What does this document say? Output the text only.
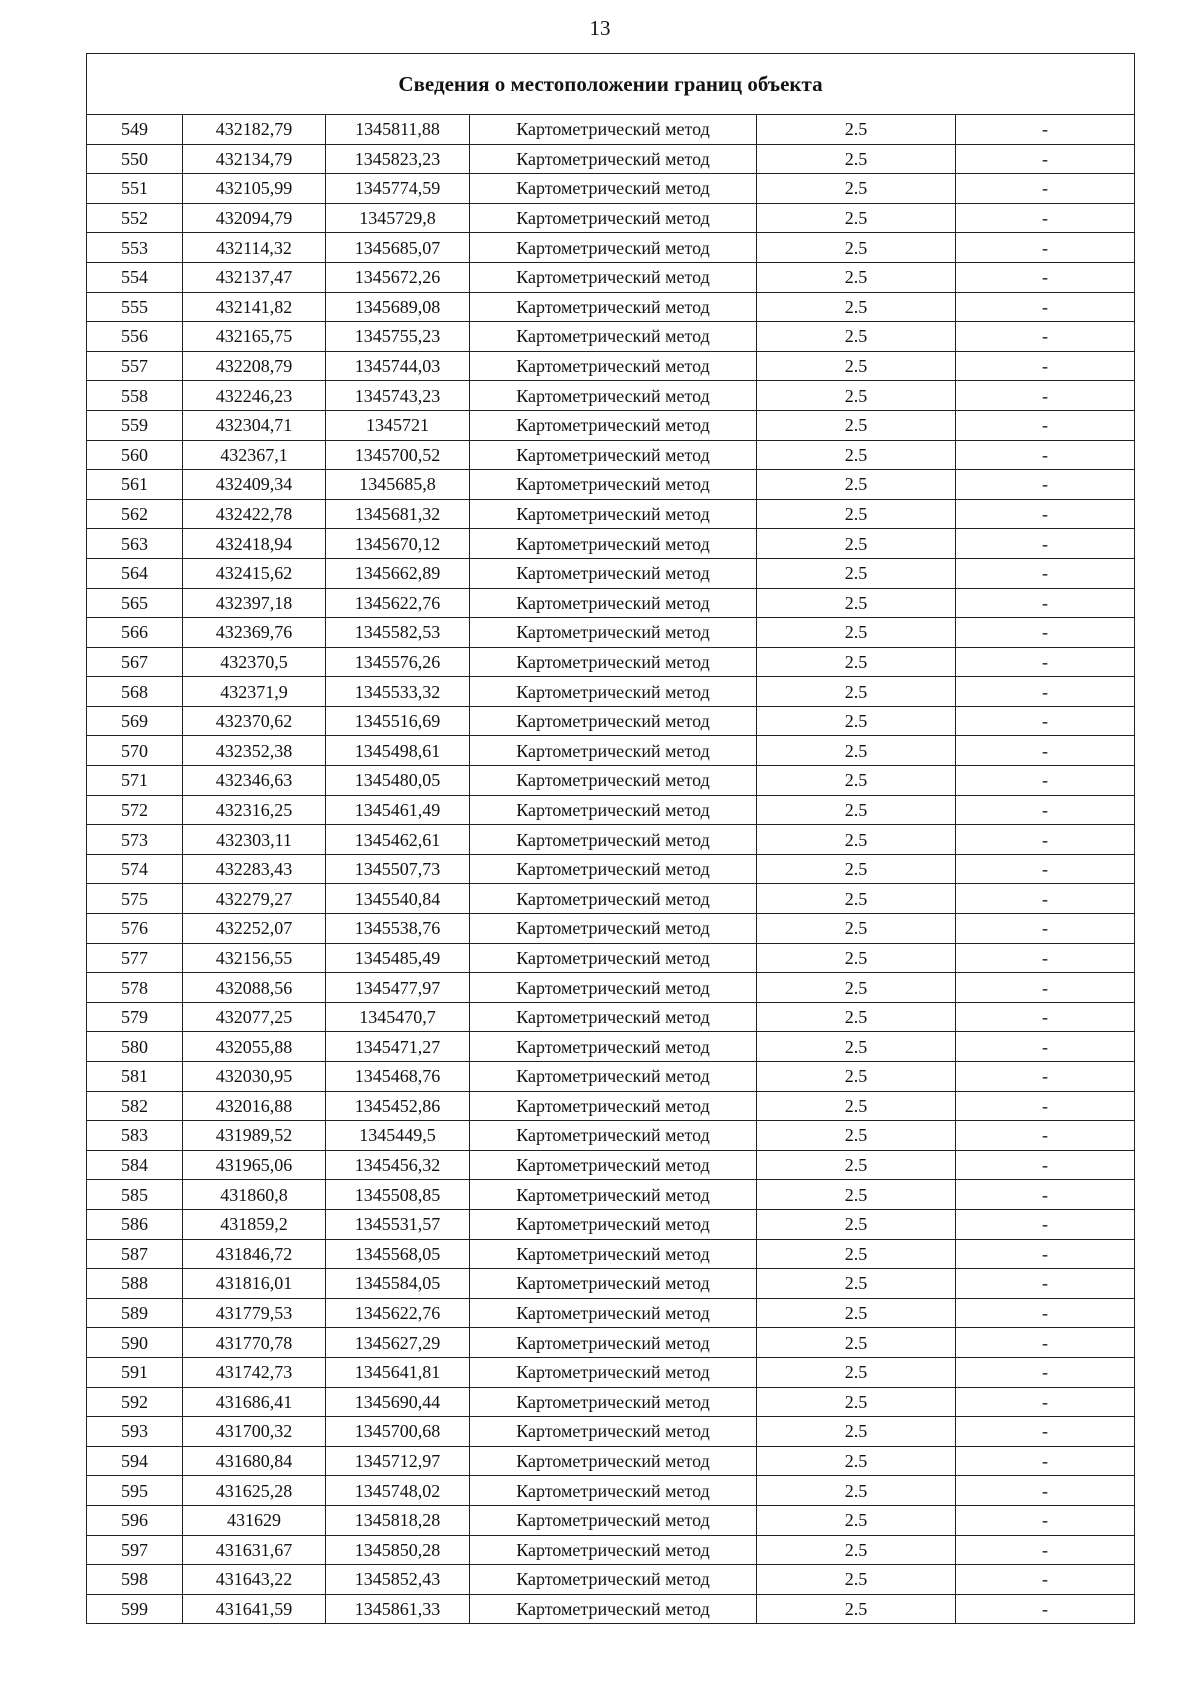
13
Сведения о местоположении границ объекта					
549	432182,79	1345811,88	Картометрический метод	2.5	-
550	432134,79	1345823,23	Картометрический метод	2.5	-
551	432105,99	1345774,59	Картометрический метод	2.5	-
552	432094,79	1345729,8	Картометрический метод	2.5	-
553	432114,32	1345685,07	Картометрический метод	2.5	-
554	432137,47	1345672,26	Картометрический метод	2.5	-
555	432141,82	1345689,08	Картометрический метод	2.5	-
556	432165,75	1345755,23	Картометрический метод	2.5	-
557	432208,79	1345744,03	Картометрический метод	2.5	-
558	432246,23	1345743,23	Картометрический метод	2.5	-
559	432304,71	1345721	Картометрический метод	2.5	-
560	432367,1	1345700,52	Картометрический метод	2.5	-
561	432409,34	1345685,8	Картометрический метод	2.5	-
562	432422,78	1345681,32	Картометрический метод	2.5	-
563	432418,94	1345670,12	Картометрический метод	2.5	-
564	432415,62	1345662,89	Картометрический метод	2.5	-
565	432397,18	1345622,76	Картометрический метод	2.5	-
566	432369,76	1345582,53	Картометрический метод	2.5	-
567	432370,5	1345576,26	Картометрический метод	2.5	-
568	432371,9	1345533,32	Картометрический метод	2.5	-
569	432370,62	1345516,69	Картометрический метод	2.5	-
570	432352,38	1345498,61	Картометрический метод	2.5	-
571	432346,63	1345480,05	Картометрический метод	2.5	-
572	432316,25	1345461,49	Картометрический метод	2.5	-
573	432303,11	1345462,61	Картометрический метод	2.5	-
574	432283,43	1345507,73	Картометрический метод	2.5	-
575	432279,27	1345540,84	Картометрический метод	2.5	-
576	432252,07	1345538,76	Картометрический метод	2.5	-
577	432156,55	1345485,49	Картометрический метод	2.5	-
578	432088,56	1345477,97	Картометрический метод	2.5	-
579	432077,25	1345470,7	Картометрический метод	2.5	-
580	432055,88	1345471,27	Картометрический метод	2.5	-
581	432030,95	1345468,76	Картометрический метод	2.5	-
582	432016,88	1345452,86	Картометрический метод	2.5	-
583	431989,52	1345449,5	Картометрический метод	2.5	-
584	431965,06	1345456,32	Картометрический метод	2.5	-
585	431860,8	1345508,85	Картометрический метод	2.5	-
586	431859,2	1345531,57	Картометрический метод	2.5	-
587	431846,72	1345568,05	Картометрический метод	2.5	-
588	431816,01	1345584,05	Картометрический метод	2.5	-
589	431779,53	1345622,76	Картометрический метод	2.5	-
590	431770,78	1345627,29	Картометрический метод	2.5	-
591	431742,73	1345641,81	Картометрический метод	2.5	-
592	431686,41	1345690,44	Картометрический метод	2.5	-
593	431700,32	1345700,68	Картометрический метод	2.5	-
594	431680,84	1345712,97	Картометрический метод	2.5	-
595	431625,28	1345748,02	Картометрический метод	2.5	-
596	431629	1345818,28	Картометрический метод	2.5	-
597	431631,67	1345850,28	Картометрический метод	2.5	-
598	431643,22	1345852,43	Картометрический метод	2.5	-
599	431641,59	1345861,33	Картометрический метод	2.5	-
